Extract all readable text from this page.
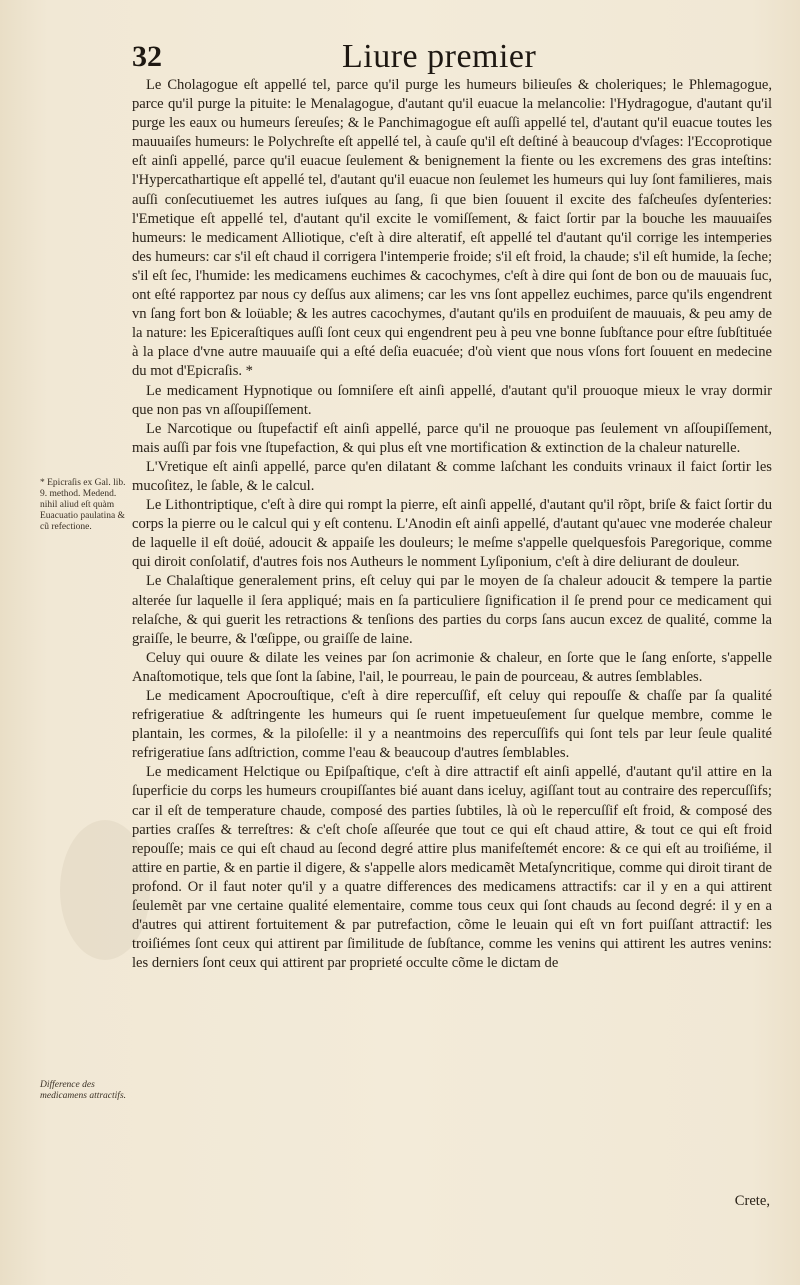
32	Liure premier

Le Cholagogue eſt appellé tel, parce qu'il purge les humeurs bilieuſes & choleriques; le Phlemagogue, parce qu'il purge la pituite: le Menalagogue, d'autant qu'il euacue la melancolie: l'Hydragogue, d'autant qu'il purge les eaux ou humeurs ſereuſes; & le Panchimagogue eſt auſſi appellé tel, d'autant qu'il euacue toutes les mauuaiſes humeurs: le Polychreſte eſt appellé tel, à cauſe qu'il eſt deſtiné à beaucoup d'vſages: l'Eccoprotique eſt ainſi appellé, parce qu'il euacue ſeulement & benignement la fiente ou les excremens des gras inteſtins: l'Hypercathartique eſt appellé tel, d'autant qu'il euacue non ſeulemet les humeurs qui luy ſont familieres, mais auſſi conſecutiuemet les autres iuſques au ſang, ſi que bien ſouuent il excite des faſcheuſes dyſenteries: l'Emetique eſt appellé tel, d'autant qu'il excite le vomiſſement, & faict ſortir par la bouche les mauuaiſes humeurs: le medicament Alliotique, c'eſt à dire alteratif, eſt appellé tel d'autant qu'il corrige les intemperies des humeurs: car s'il eſt chaud il corrigera l'intemperie froide; s'il eſt froid, la chaude; s'il eſt humide, la ſeche; s'il eſt ſec, l'humide: les medicamens euchimes & cacochymes, c'eſt à dire qui ſont de bon ou de mauuais ſuc, ont eſté rapportez par nous cy deſſus aux alimens; car les vns ſont appellez euchimes, parce qu'ils engendrent vn ſang fort bon & loüable; & les autres cacochymes, d'autant qu'ils en produiſent de mauuais, & peu amy de la nature: les Epiceraſtiques auſſi ſont ceux qui engendrent peu à peu vne bonne ſubſtance pour eſtre ſubſtituée à la place d'vne autre mauuaiſe qui a eſté deſia euacuée; d'où vient que nous vſons fort ſouuent en medecine du mot d'Epicraſis. *

Le medicament Hypnotique ou ſomniſere eſt ainſi appellé, d'autant qu'il prouoque mieux le vray dormir que non pas vn aſſoupiſſement.

Le Narcotique ou ſtupefactif eſt ainſi appellé, parce qu'il ne prouoque pas ſeulement vn aſſoupiſſement, mais auſſi par fois vne ſtupefaction, & qui plus eſt vne mortification & extinction de la chaleur naturelle.

L'Vretique eſt ainſi appellé, parce qu'en dilatant & comme laſchant les conduits vrinaux il faict ſortir les mucoſitez, le ſable, & le calcul.

Le Lithontriptique, c'eſt à dire qui rompt la pierre, eſt ainſi appellé, d'autant qu'il rõpt, briſe & faict ſortir du corps la pierre ou le calcul qui y eſt contenu. L'Anodin eſt ainſi appellé, d'autant qu'auec vne moderée chaleur de laquelle il eſt doüé, adoucit & appaiſe les douleurs; le meſme s'appelle quelquesfois Paregorique, comme qui diroit conſolatif, d'autres fois nos Autheurs le nomment Lyſiponium, c'eſt à dire deliurant de douleur.

Le Chalaſtique generalement prins, eſt celuy qui par le moyen de ſa chaleur adoucit & tempere la partie alterée ſur laquelle il ſera appliqué; mais en ſa particuliere ſignification il ſe prend pour ce medicament qui relaſche, & qui guerit les retractions & tenſions des parties du corps ſans aucun excez de qualité, comme la graiſſe, le beurre, & l'œſippe, ou graiſſe de laine.

Celuy qui ouure & dilate les veines par ſon acrimonie & chaleur, en ſorte que le ſang enſorte, s'appelle Anaſtomotique, tels que ſont la ſabine, l'ail, le pourreau, le pain de pourceau, & autres ſemblables.

Le medicament Apocrouſtique, c'eſt à dire repercuſſif, eſt celuy qui repouſſe & chaſſe par ſa qualité refrigeratiue & adſtringente les humeurs qui ſe ruent impetueuſement ſur quelque membre, comme le plantain, les cormes, & la piloſelle: il y a neantmoins des repercuſſifs qui ſont tels par leur ſeule qualité refrigeratiue ſans adſtriction, comme l'eau & beaucoup d'autres ſemblables.

Le medicament Helctique ou Epiſpaſtique, c'eſt à dire attractif eſt ainſi appellé, d'autant qu'il attire en la ſuperficie du corps les humeurs croupiſſantes bié auant dans iceluy, agiſſant tout au contraire des repercuſſifs; car il eſt de temperature chaude, composé des parties ſubtiles, là où le repercuſſif eſt froid, & composé des parties craſſes & terreſtres: & c'eſt choſe aſſeurée que tout ce qui eſt chaud attire, & tout ce qui eſt froid repouſſe; mais ce qui eſt chaud au ſecond degré attire plus manifeſtemét encore: & ce qui eſt au troiſiéme, il attire en partie, & en partie il digere, & s'appelle alors medicamẽt Metaſyncritique, comme qui diroit tirant de profond. Or il faut noter qu'il y a quatre differences des medicamens attractifs: car il y en a qui attirent ſeulemẽt par vne certaine qualité elementaire, comme tous ceux qui ſont chauds au ſecond degré: il y en a d'autres qui attirent fortuitement & par putrefaction, cõme le leuain qui eſt vn fort puiſſant attractif: les troiſiémes ſont ceux qui attirent par ſimilitude de ſubſtance, comme les venins qui attirent les autres venins: les derniers ſont ceux qui attirent par proprieté occulte cõme le dictam de

* Epicraſis ex Gal. lib. 9. method. Medend. nihil aliud eſt quàm Euacuatio paulatina & cũ refectione.
Difference des medicamens attractifs.
Crete,
